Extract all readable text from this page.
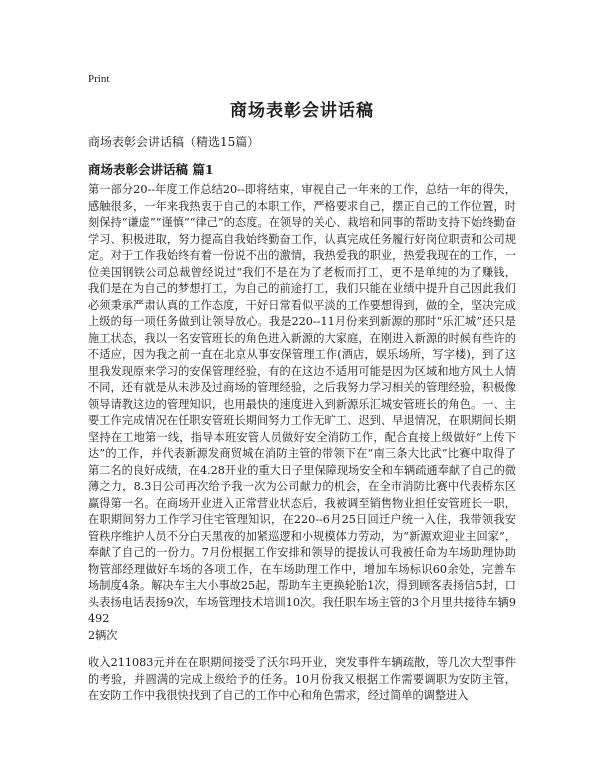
Print
商场表彰会讲话稿

商场表彰会讲话稿（精选15篇）

商场表彰会讲话稿 篇1

第一部分20--年度工作总结20--即将结束，审视自己一年来的工作，总结一年的得失，感触很多，一年来我热衷于自己的本职工作，严格要求自己，摆正自己的工作位置，时刻保持“谦虚”“谨慎”“律己”的态度。在领导的关心、栽培和同事的帮助支持下始终勤奋学习、积极进取，努力提高自我始终勤奋工作，认真完成任务履行好岗位职责和公司规定。对于工作我始终有着一份说不出的激情，我热爱我的职业，热爱我现在的工作，一位美国钢铁公司总裁曾经说过“我们不是在为了老板而打工，更不是单纯的为了赚钱，我们是在为自己的梦想打工，为自己的前途打工，我们只能在业绩中提升自己因此我们必须秉承严肃认真的工作态度，干好日常看似平淡的工作要想得到，做的全，坚决完成上级的每一项任务做到让领导放心。我是220--11月份来到新源的那时“乐汇城”还只是施工状态，我以一名安管班长的角色进入新源的大家庭，在刚进入新源的时候有些许的不适应，因为我之前一直在北京从事安保管理工作(酒店，娱乐场所，写字楼)，到了这里我发现原来学习的安保管理经验，有的在这边不适用可能是因为区域和地方风土人情不同，还有就是从未涉及过商场的管理经验，之后我努力学习相关的管理经验，积极像领导请教这边的管理知识，也用最快的速度进入到新源乐汇城安管班长的角色。一、主要工作完成情况在任职安管班长期间努力工作无旷工、迟到、早退情况，在职期间长期坚持在工地第一线，指导本班安管人员做好安全消防工作，配合直接上级做好“上传下达”的工作，并代表新源发商贸城在消防主管的带领下在“南三条大比武”比赛中取得了第二名的良好成绩，在4.28开业的重大日子里保障现场安全和车辆疏通奉献了自己的微薄之力，8.3日公司再次给予我一次为公司献力的机会，在全市消防比赛中代表桥东区赢得第一名。在商场开业进入正常营业状态后，我被调至销售物业担任安管班长一职，在职期间努力工作学习住宅管理知识，在220--6月25日回迁户统一入住，我带领我安管秩序维护人员不分白天黑夜的加紧巡逻和小规模体力劳动，为“新源欢迎业主回家”，奉献了自己的一份力。7月份根据工作安排和领导的提拔认可我被任命为车场助理协助物管部经理做好车场的各项工作，在车场助理工作中，增加车场标识60余处，完善车场制度4条。解决车主大小事故25起，帮助车主更换轮胎1次，得到顾客表扬信5封，口头表扬电话表扬9次，车场管理技术培训10次。我任职车场主管的3个月里共接待车辆9492

2辆次

收入211083元并在在职期间接受了沃尔玛开业，突发事件车辆疏散，等几次大型事件的考验，并圆满的完成上级给予的任务。10月份我又根据工作需要调职为安防主管，在安防工作中我很快找到了自己的工作中心和角色需求，经过简单的调整进入
